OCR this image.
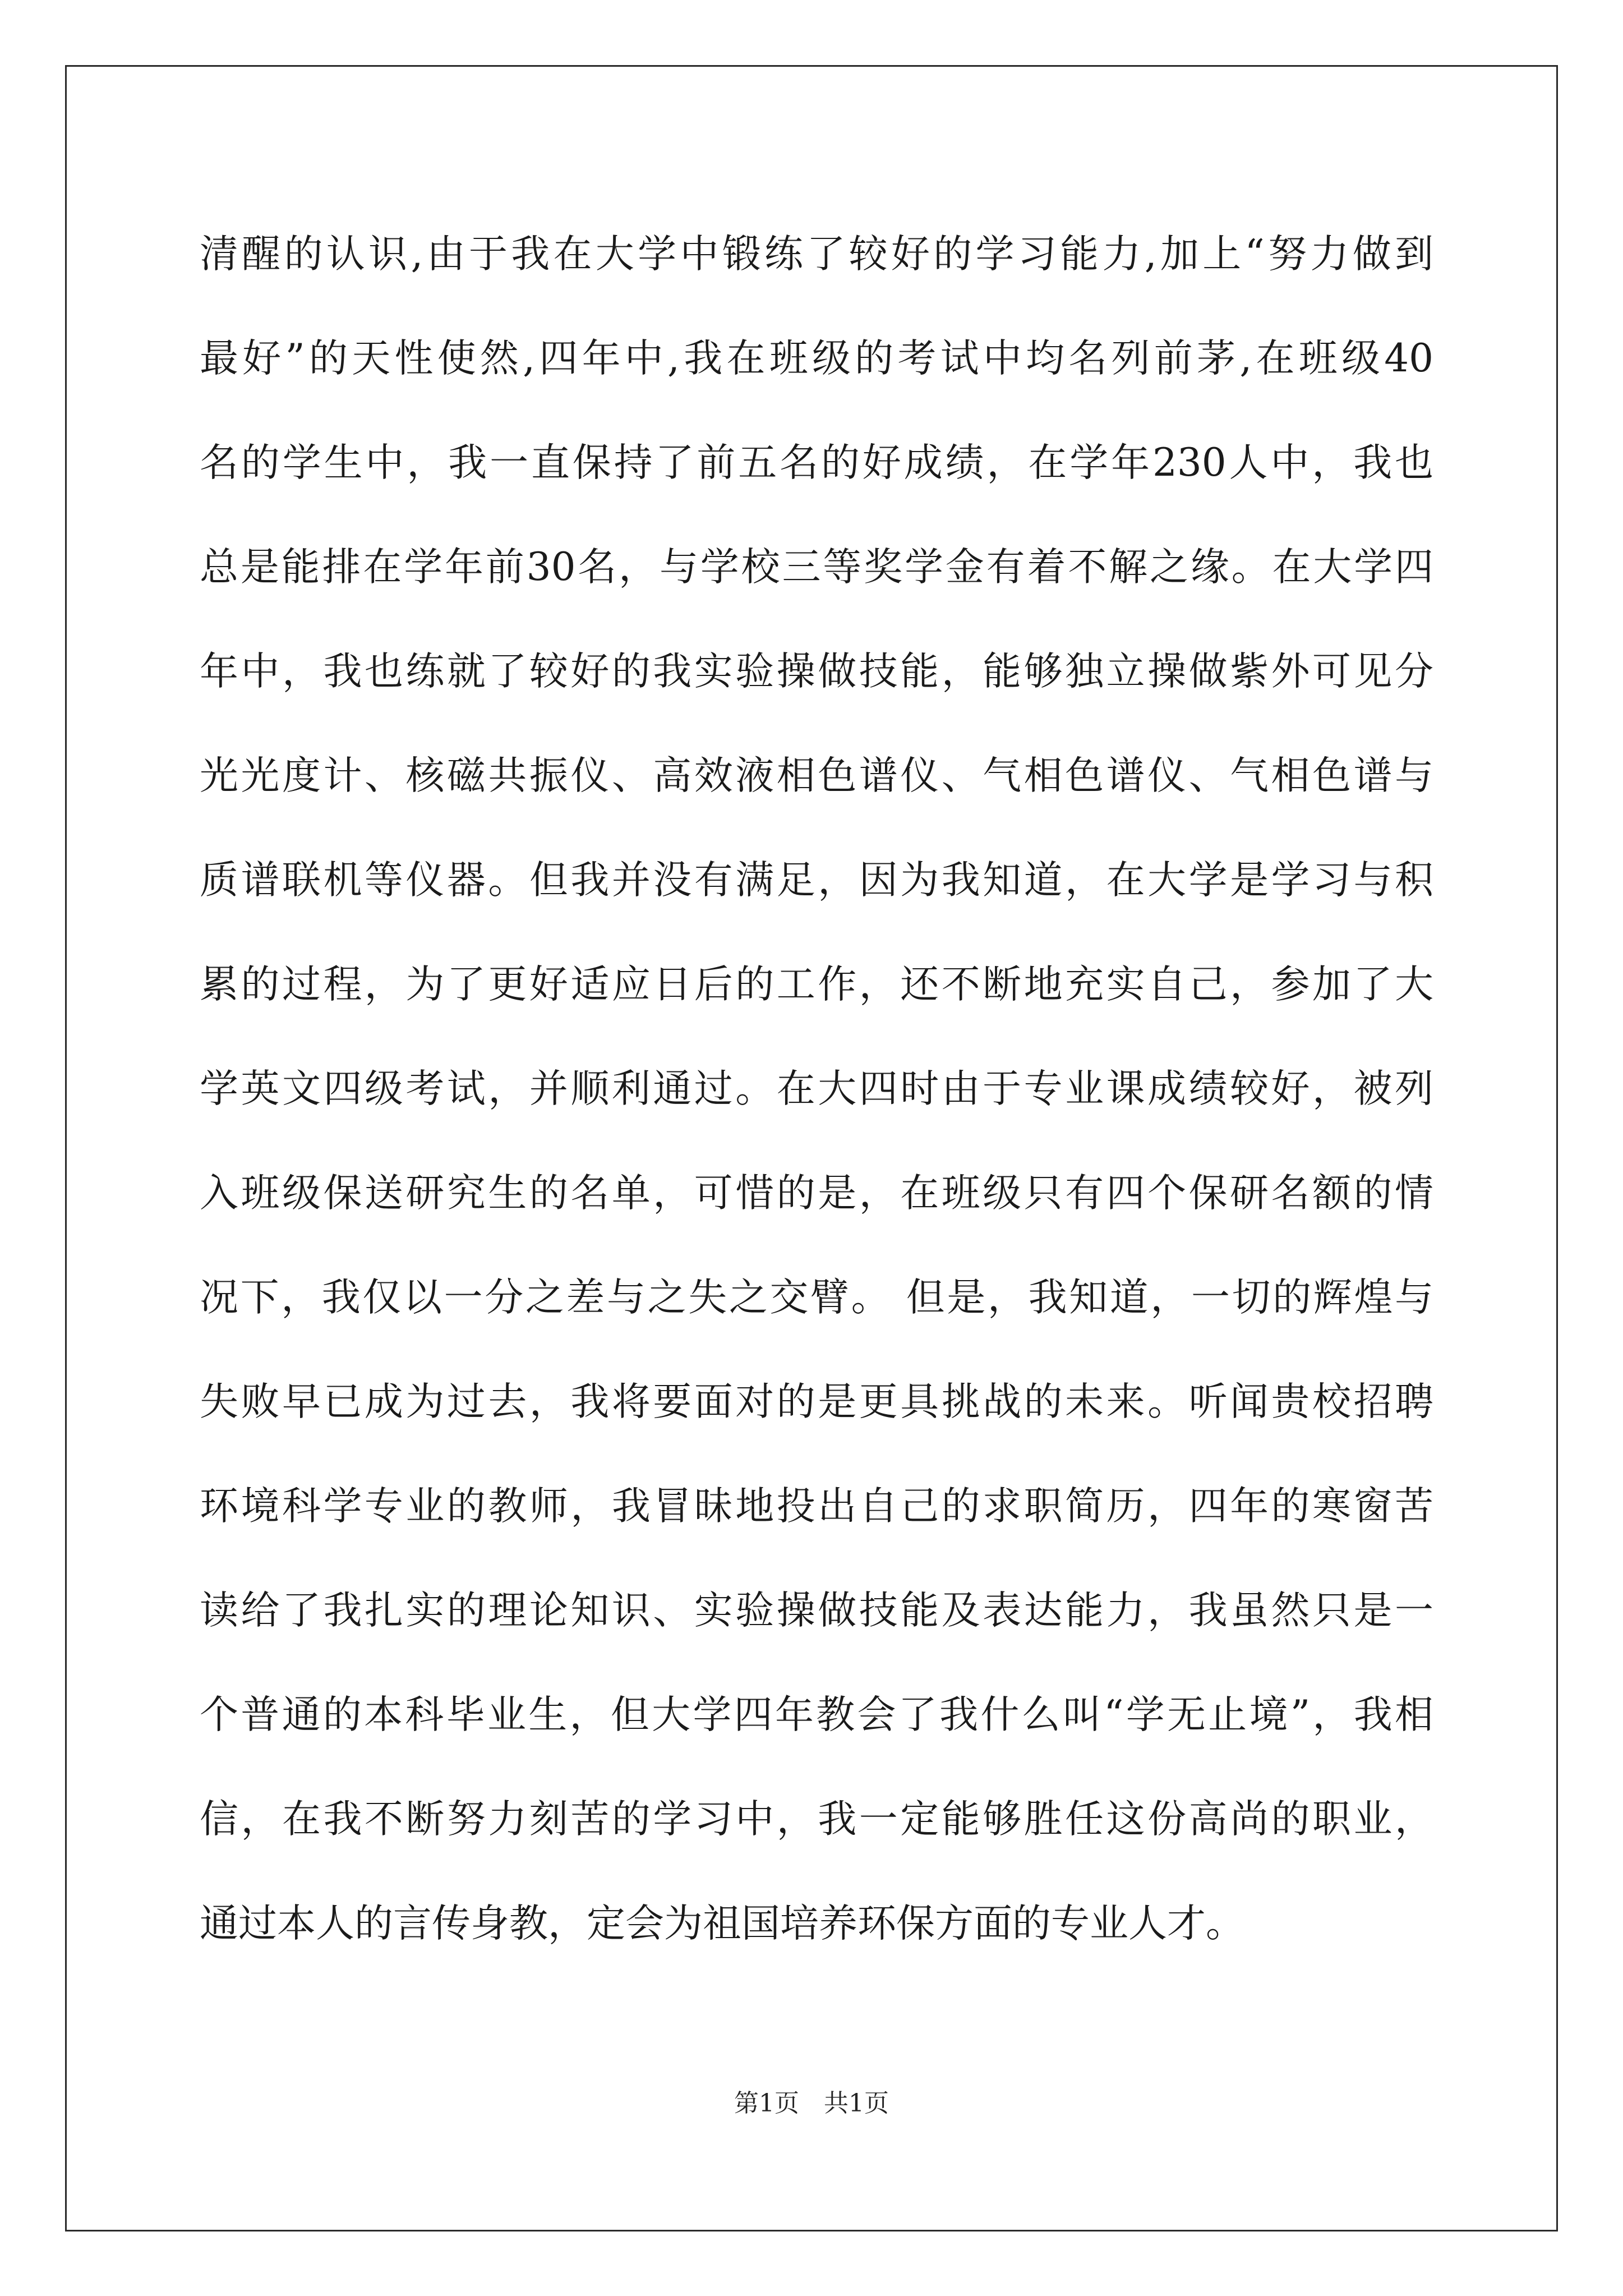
清醒的认识,由于我在大学中锻练了较好的学习能力,加上“努力做到
最好”的天性使然,四年中,我在班级的考试中均名列前茅,在班级40
名的学生中，我一直保持了前五名的好成绩，在学年230人中，我也
总是能排在学年前30名，与学校三等奖学金有着不解之缘。在大学四
年中，我也练就了较好的我实验操做技能，能够独立操做紫外可见分
光光度计、核磁共振仪、高效液相色谱仪、气相色谱仪、气相色谱与
质谱联机等仪器。但我并没有满足，因为我知道，在大学是学习与积
累的过程，为了更好适应日后的工作，还不断地充实自己，参加了大
学英文四级考试，并顺利通过。在大四时由于专业课成绩较好，被列
入班级保送研究生的名单，可惜的是，在班级只有四个保研名额的情
况下，我仅以一分之差与之失之交臂。 但是，我知道，一切的辉煌与
失败早已成为过去，我将要面对的是更具挑战的未来。听闻贵校招聘
环境科学专业的教师，我冒昧地投出自己的求职简历，四年的寒窗苦
读给了我扎实的理论知识、实验操做技能及表达能力，我虽然只是一
个普通的本科毕业生，但大学四年教会了我什么叫“学无止境”，我相
信，在我不断努力刻苦的学习中，我一定能够胜任这份高尚的职业，
通过本人的言传身教，定会为祖国培养环保方面的专业人才。
第1页　共1页
